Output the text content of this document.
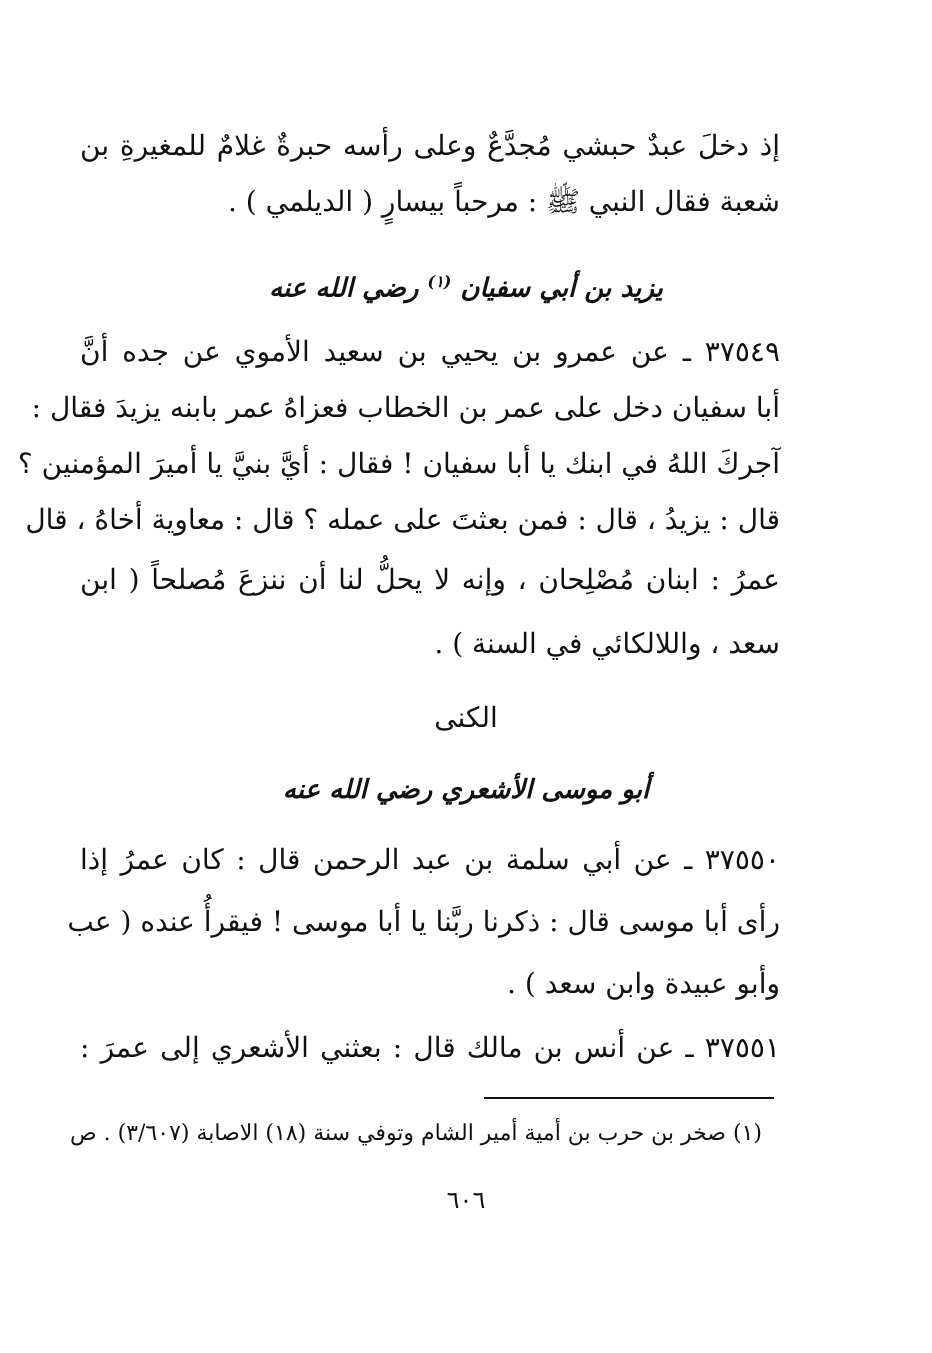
إذ دخلَ عبدٌ حبشي مُجدَّعٌ وعلى رأسه حبرةٌ غلامٌ للمغيرةِ بن
شعبة فقال النبي ﷺ : مرحباً بيسارٍ ( الديلمي ) .
يزيد بن أبي سفيان $^{(١)}$ رضي الله عنه
٣٧٥٤٩ ـ عن عمرو بن يحيي بن سعيد الأموي عن جده أنَّ
أبا سفيان دخل على عمر بن الخطاب فعزاهُ عمر بابنه يزيدَ فقال :
آجركَ اللهُ في ابنك يا أبا سفيان ! فقال : أيَّ بنيَّ يا أميرَ المؤمنين ؟
قال : يزيدُ ، قال : فمن بعثتَ على عمله ؟ قال : معاوية أخاهُ ، قال
عمرُ : ابنان مُصْلِحان ، وإنه لا يحلُّ لنا أن ننزعَ مُصلحاً ( ابن
سعد ، واللالكائي في السنة ) .
الكنى
أبو موسى الأشعري رضي الله عنه
٣٧٥٥٠ ـ عن أبي سلمة بن عبد الرحمن قال : كان عمرُ إذا
رأى أبا موسى قال : ذكرنا ربَّنا يا أبا موسى ! فيقرأُ عنده ( عب
وأبو عبيدة وابن سعد ) .
٣٧٥٥١ ـ عن أنس بن مالك قال : بعثني الأشعري إلى عمرَ :
(١) صخر بن حرب بن أمية أمير الشام وتوفي سنة (١٨) الاصابة (٣/٦٠٧) . ص
٦٠٦
